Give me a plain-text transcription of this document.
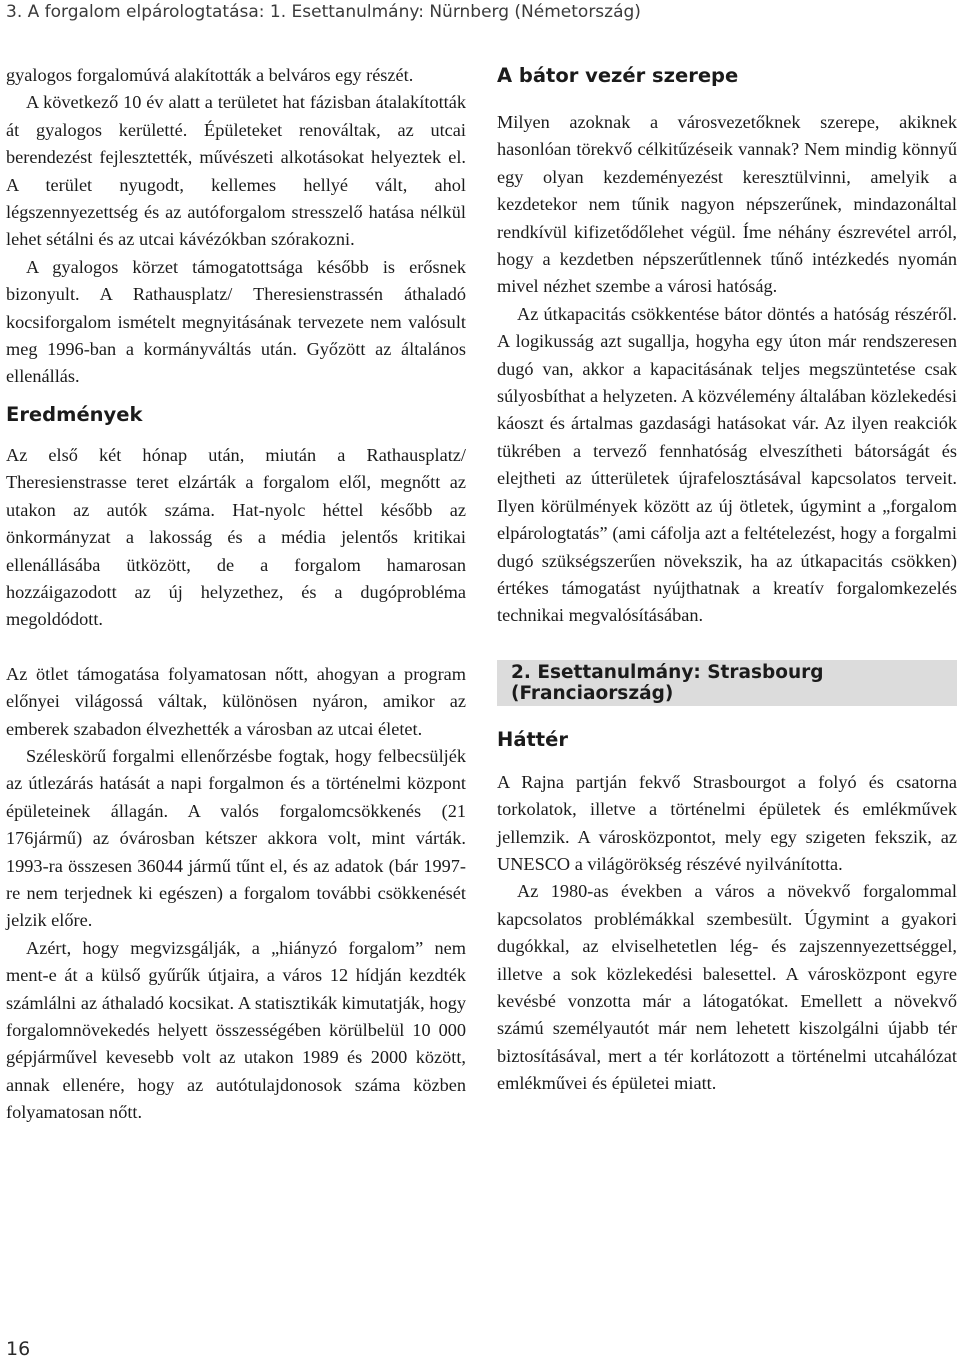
3. A forgalom elpárologtatása: 1. Esettanulmány: Nürnberg (Németország)

gyalogos forgalomúvá alakították a belváros egy részét.

A következő 10 év alatt a területet hat fázisban átalakították át gyalogos kerületté. Épületeket renováltak, az utcai berendezést fejlesztették, művészeti alkotásokat helyeztek el. A terület nyugodt, kellemes hellyé vált, ahol légszennyezettség és az autóforgalom stresszelő hatása nélkül lehet sétálni és az utcai kávézókban szórakozni.

A gyalogos körzet támogatottsága később is erősnek bizonyult. A Rathausplatz/ Theresienstrassén áthaladó kocsiforgalom ismételt megnyitásának tervezete nem valósult meg 1996-ban a kormányváltás után. Győzött az általános ellenállás.

Eredmények

Az első két hónap után, miután a Rathausplatz/ Theresienstrasse teret elzárták a forgalom elől, megnőtt az utakon az autók száma. Hat-nyolc héttel később az önkormányzat a lakosság és a média jelentős kritikai ellenállásába ütközött, de a forgalom hamarosan hozzáigazodott az új helyzethez, és a dugóprobléma megoldódott.

Az ötlet támogatása folyamatosan nőtt, ahogyan a program előnyei világossá váltak, különösen nyáron, amikor az emberek szabadon élvezhették a városban az utcai életet.

Széleskörű forgalmi ellenőrzésbe fogtak, hogy felbecsüljék az útlezárás hatását a napi forgalmon és a történelmi központ épületeinek állagán. A valós forgalomcsökkenés (21 176jármű) az óvárosban kétszer akkora volt, mint várták. 1993-ra összesen 36044 jármű tűnt el, és az adatok (bár 1997-re nem terjednek ki egészen) a forgalom további csökkenését jelzik előre.

Azért, hogy megvizsgálják, a „hiányzó forgalom” nem ment-e át a külső gyűrűk útjaira, a város 12 hídján kezdték számlálni az áthaladó kocsikat. A statisztikák kimutatják, hogy forgalomnövekedés helyett összességében körülbelül 10 000 gépjárművel kevesebb volt az utakon 1989 és 2000 között, annak ellenére, hogy az autótulajdonosok száma közben folyamatosan nőtt.

A bátor vezér szerepe

Milyen azoknak a városvezetőknek szerepe, akiknek hasonlóan törekvő célkitűzéseik vannak? Nem mindig könnyű egy olyan kezdeményezést keresztülvinni, amelyik a kezdetekor nem tűnik nagyon népszerűnek, mindazonáltal rendkívül kifizetődőlehet végül. Íme néhány észrevétel arról, hogy a kezdetben népszerűtlennek tűnő intézkedés nyomán mivel nézhet szembe a városi hatóság.

Az útkapacitás csökkentése bátor döntés a hatóság részéről. A logikusság azt sugallja, hogyha egy úton már rendszeresen dugó van, akkor a kapacitásának teljes megszüntetése csak súlyosbíthat a helyzeten. A közvélemény általában közlekedési káoszt és ártalmas gazdasági hatásokat vár. Az ilyen reakciók tükrében a tervező fennhatóság elveszítheti bátorságát és elejtheti az útterületek újrafelosztásával kapcsolatos terveit. Ilyen körülmények között az új ötletek, úgymint a „forgalom elpárologtatás” (ami cáfolja azt a feltételezést, hogy a forgalmi dugó szükségszerűen növekszik, ha az útkapacitás csökken) értékes támogatást nyújthatnak a kreatív forgalomkezelés technikai megvalósításában.

2. Esettanulmány: Strasbourg (Franciaország)
Háttér

A Rajna partján fekvő Strasbourgot a folyó és csatorna torkolatok, illetve a történelmi épületek és emlékművek jellemzik. A városközpontot, mely egy szigeten fekszik, az UNESCO a világörökség részévé nyilvánította.

Az 1980-as években a város a növekvő forgalommal kapcsolatos problémákkal szembesült. Úgymint a gyakori dugókkal, az elviselhetetlen lég- és zajszennyezettséggel, illetve a sok közlekedési balesettel. A városközpont egyre kevésbé vonzotta már a látogatókat. Emellett a növekvő számú személyautót már nem lehetett kiszolgálni újabb tér biztosításával, mert a tér korlátozott a történelmi utcahálózat emlékművei és épületei miatt.

16
